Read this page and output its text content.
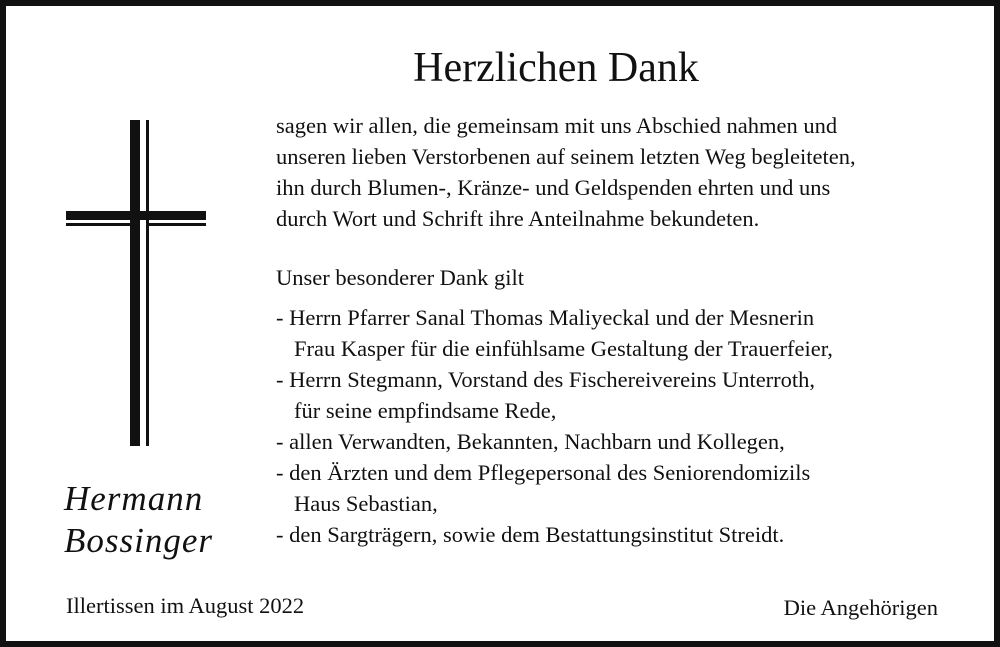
Herzlichen Dank
sagen wir allen, die gemeinsam mit uns Abschied nahmen und
unseren lieben Verstorbenen auf seinem letzten Weg begleiteten,
ihn durch Blumen-, Kränze- und Geldspenden ehrten und uns
durch Wort und Schrift ihre Anteilnahme bekundeten.
Unser besonderer Dank gilt
- Herrn Pfarrer Sanal Thomas Maliyeckal und der Mesnerin
Frau Kasper für die einfühlsame Gestaltung der Trauerfeier,
- Herrn Stegmann, Vorstand des Fischereivereins Unterroth,
für seine empfindsame Rede,
- allen Verwandten, Bekannten, Nachbarn und Kollegen,
- den Ärzten und dem Pflegepersonal des Seniorendomizils
Haus Sebastian,
- den Sargträgern, sowie dem Bestattungsinstitut Streidt.
Hermann
Bossinger
Illertissen im August 2022	Die Angehörigen
